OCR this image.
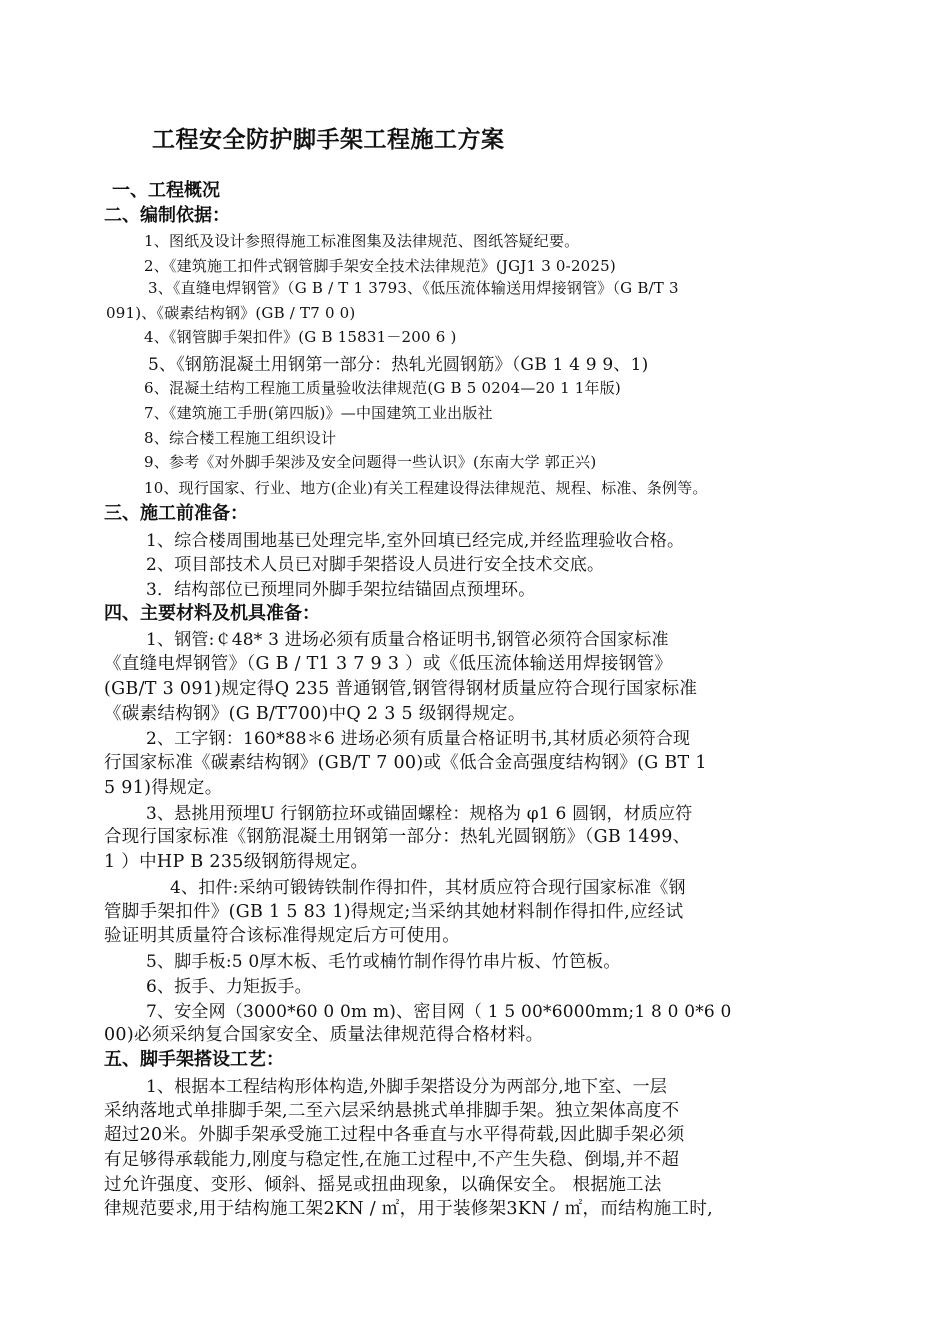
工程安全防护脚手架工程施工方案
一、工程概况
二、编制依据：
1、图纸及设计参照得施工标准图集及法律规范、图纸答疑纪要。
2、《建筑施工扣件式钢管脚手架安全技术法律规范》(JGJ1 3 0-2025)
3、《直缝电焊钢管》（G B / T 1 3793、《低压流体输送用焊接钢管》（G B/T 3
091)、《碳素结构钢》(GB / T7 0 0)
4、《钢管脚手架扣件》(G B 15831－200 6 )
5、《钢筋混凝土用钢第一部分：热轧光圆钢筋》（GB 1 4 9 9、1)
6、混凝土结构工程施工质量验收法律规范(G B 5 0204—20 1 1年版)
7、《建筑施工手册(第四版)》—中国建筑工业出版社
8、综合楼工程施工组织设计
9、参考《对外脚手架涉及安全问题得一些认识》(东南大学 郭正兴)
10、现行国家、行业、地方(企业)有关工程建设得法律规范、规程、标准、条例等。
三、施工前准备：
1、综合楼周围地基已处理完毕,室外回填已经完成,并经监理验收合格。
2、项目部技术人员已对脚手架搭设人员进行安全技术交底。
3．结构部位已预埋同外脚手架拉结锚固点预埋环。
四、主要材料及机具准备：
1、钢管:￠48* 3 进场必须有质量合格证明书,钢管必须符合国家标准
《直缝电焊钢管》（G B / T1 3 7 9 3 ）或《低压流体输送用焊接钢管》
(GB/T 3 091)规定得Q 235 普通钢管,钢管得钢材质量应符合现行国家标准
《碳素结构钢》(G B/T700)中Q 2 3 5 级钢得规定。
2、工字钢：160*88＊6 进场必须有质量合格证明书,其材质必须符合现
行国家标准《碳素结构钢》(GB/T 7 00)或《低合金高强度结构钢》(G BT 1
5 91)得规定。
3、悬挑用预埋U 行钢筋拉环或锚固螺栓：规格为 φ1 6 圆钢，材质应符
合现行国家标准《钢筋混凝土用钢第一部分：热轧光圆钢筋》（GB 1499、
1 ）中HP B 235级钢筋得规定。
4、扣件:采纳可锻铸铁制作得扣件，其材质应符合现行国家标准《钢
管脚手架扣件》(GB 1 5 83 1)得规定;当采纳其她材料制作得扣件,应经试
验证明其质量符合该标准得规定后方可使用。
5、脚手板:5 0厚木板、毛竹或楠竹制作得竹串片板、竹笆板。
6、扳手、力矩扳手。
7、安全网（3000*60 0 0m m)、密目网（ 1 5 00*6000mm;1 8 0 0*6 0
00)必须采纳复合国家安全、质量法律规范得合格材料。
五、脚手架搭设工艺：
1、根据本工程结构形体构造,外脚手架搭设分为两部分,地下室、一层
采纳落地式单排脚手架,二至六层采纳悬挑式单排脚手架。独立架体高度不
超过20米。外脚手架承受施工过程中各垂直与水平得荷载,因此脚手架必须
有足够得承载能力,刚度与稳定性,在施工过程中,不产生失稳、倒塌,并不超
过允许强度、变形、倾斜、摇晃或扭曲现象，以确保安全。 根据施工法
律规范要求,用于结构施工架2KN / ㎡，用于装修架3KN / ㎡，而结构施工时,
